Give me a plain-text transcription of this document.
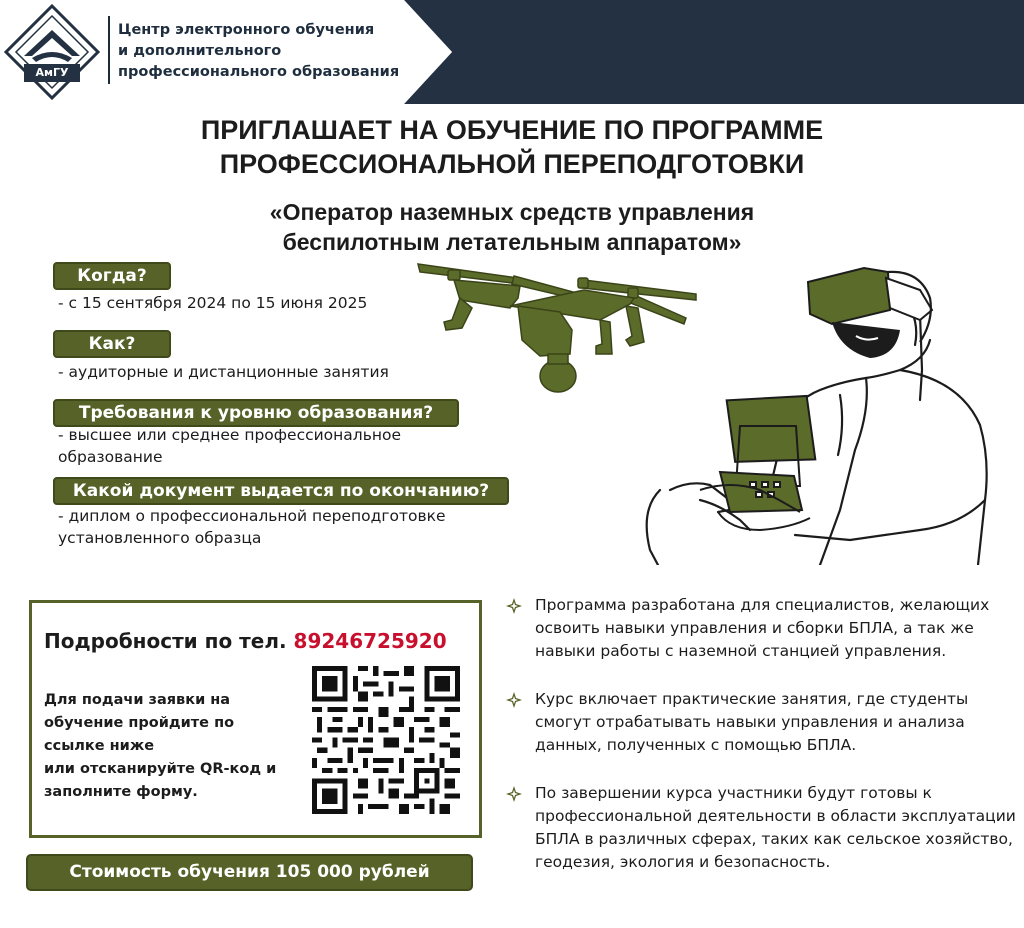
АмГУ
Центр электронного обучения
и дополнительного
профессионального образования
ПРИГЛАШАЕТ НА ОБУЧЕНИЕ ПО ПРОГРАММЕ
ПРОФЕССИОНАЛЬНОЙ ПЕРЕПОДГОТОВКИ
«Оператор наземных средств управления
беспилотным летательным аппаратом»
Когда?
- с 15 сентября 2024 по 15 июня 2025
Как?
- аудиторные и дистанционные занятия
Требования к уровню образования?
- высшее или среднее профессиональное
образование
Какой документ выдается по окончанию?
- диплом о профессиональной переподготовке
установленного образца
Подробности по тел. 89246725920
Для подачи заявки на
обучение пройдите по
ссылке ниже
или отсканируйте QR-код и
заполните форму.
Стоимость обучения 105 000 рублей
Программа разработана для специалистов, желающих освоить навыки управления и сборки БПЛА, а так же навыки работы с наземной станцией управления.
Курс включает практические занятия, где студенты смогут отрабатывать навыки управления и анализа данных, полученных с помощью БПЛА.
По завершении курса участники будут готовы к профессиональной деятельности в области эксплуатации БПЛА в различных сферах, таких как сельское хозяйство, геодезия, экология и безопасность.
